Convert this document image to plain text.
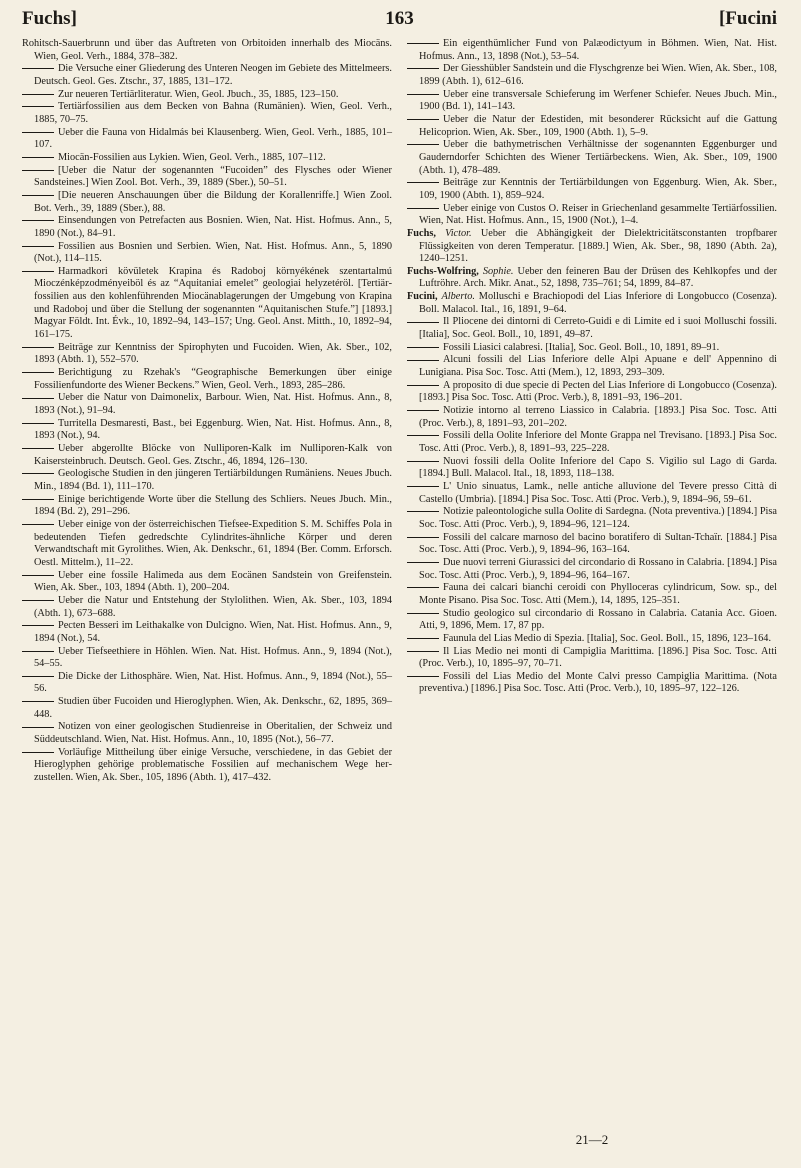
Fuchs]	163	[Fucini

Rohitsch-Sauerbrunn und über das Auftreten von Orbitoiden innerhalb des Miocäns. Wien, Geol. Verh., 1884, 378–382.

Die Versuche einer Gliederung des Unteren Neogen im Gebiete des Mittelmeers. Deutsch. Geol. Ges. Ztschr., 37, 1885, 131–172.

Zur neueren Tertiärliteratur. Wien, Geol. Jbuch., 35, 1885, 123–150.

Tertiärfossilien aus dem Becken von Bahna (Rumänien). Wien, Geol. Verh., 1885, 70–75.

Ueber die Fauna von Hidalmás bei Klausenberg. Wien, Geol. Verh., 1885, 101–107.

Miocän-Fossilien aus Lykien. Wien, Geol. Verh., 1885, 107–112.

[Ueber die Natur der sogenannten “Fucoiden” des Flysches oder Wiener Sandsteines.] Wien Zool. Bot. Verh., 39, 1889 (Sber.), 50–51.

[Die neueren Anschauungen über die Bildung der Korallenriffe.] Wien Zool. Bot. Verh., 39, 1889 (Sber.), 88.

Einsendungen von Petrefacten aus Bosnien. Wien, Nat. Hist. Hofmus. Ann., 5, 1890 (Not.), 84–91.

Fossilien aus Bosnien und Serbien. Wien, Nat. Hist. Hofmus. Ann., 5, 1890 (Not.), 114–115.

Harmadkori kövületek Krapina és Radoboj környékének szentartalmú Mioczénképzodményeiböl és az “Aquitaniai emelet” geologiai helyzetéröl. [Tertiärfossilien aus den kohlenführenden Miocänablagerungen der Umgebung von Krapina und Radoboj und über die Stellung der sogenannten “Aquitanischen Stufe.”] [1893.] Magyar Földt. Int. Évk., 10, 1892–94, 143–157; Ung. Geol. Anst. Mitth., 10, 1892–94, 161–175.

Beiträge zur Kenntniss der Spirophyten und Fucoiden. Wien, Ak. Sber., 102, 1893 (Abth. 1), 552–570.

Berichtigung zu Rzehak's “Geographische Bemerkungen über einige Fossilienfundorte des Wiener Beckens.” Wien, Geol. Verh., 1893, 285–286.

Ueber die Natur von Daimonelix, Barbour. Wien, Nat. Hist. Hofmus. Ann., 8, 1893 (Not.), 91–94.

Turritella Desmaresti, Bast., bei Eggenburg. Wien, Nat. Hist. Hofmus. Ann., 8, 1893 (Not.), 94.

Ueber abgerollte Blöcke von Nulliporen-Kalk im Nulliporen-Kalk von Kaisersteinbruch. Deutsch. Geol. Ges. Ztschr., 46, 1894, 126–130.

Geologische Studien in den jüngeren Tertiärbildungen Rumäniens. Neues Jbuch. Min., 1894 (Bd. 1), 111–170.

Einige berichtigende Worte über die Stellung des Schliers. Neues Jbuch. Min., 1894 (Bd. 2), 291–296.

Ueber einige von der österreichischen Tiefsee-Expedition S. M. Schiffes Pola in bedeutenden Tiefen gedredschte Cylindrites-ähnliche Körper und deren Verwandtschaft mit Gyrolithes. Wien, Ak. Denkschr., 61, 1894 (Ber. Comm. Erforsch. Oestl. Mittelm.), 11–22.

Ueber eine fossile Halimeda aus dem Eocänen Sandstein von Greifenstein. Wien, Ak. Sber., 103, 1894 (Abth. 1), 200–204.

Ueber die Natur und Entstehung der Stylolithen. Wien, Ak. Sber., 103, 1894 (Abth. 1), 673–688.

Pecten Besseri im Leithakalke von Dulcigno. Wien, Nat. Hist. Hofmus. Ann., 9, 1894 (Not.), 54.

Ueber Tiefseethiere in Höhlen. Wien. Nat. Hist. Hofmus. Ann., 9, 1894 (Not.), 54–55.

Die Dicke der Lithosphäre. Wien, Nat. Hist. Hofmus. Ann., 9, 1894 (Not.), 55–56.

Studien über Fucoiden und Hieroglyphen. Wien, Ak. Denkschr., 62, 1895, 369–448.

Notizen von einer geologischen Studienreise in Oberitalien, der Schweiz und Süddeutschland. Wien, Nat. Hist. Hofmus. Ann., 10, 1895 (Not.), 56–77.

Vorläufige Mittheilung über einige Versuche, verschiedene, in das Gebiet der Hieroglyphen gehörige problematische Fossilien auf mechanischem Wege herzustellen. Wien, Ak. Sber., 105, 1896 (Abth. 1), 417–432.

Ein eigenthümlicher Fund von Palæodictyum in Böhmen. Wien, Nat. Hist. Hofmus. Ann., 13, 1898 (Not.), 53–54.

Der Giesshübler Sandstein und die Flyschgrenze bei Wien. Wien, Ak. Sber., 108, 1899 (Abth. 1), 612–616.

Ueber eine transversale Schieferung im Werfener Schiefer. Neues Jbuch. Min., 1900 (Bd. 1), 141–143.

Ueber die Natur der Edestiden, mit besonderer Rücksicht auf die Gattung Helicoprion. Wien, Ak. Sber., 109, 1900 (Abth. 1), 5–9.

Ueber die bathymetrischen Verhältnisse der sogenannten Eggenburger und Gauderndorfer Schichten des Wiener Tertiärbeckens. Wien, Ak. Sber., 109, 1900 (Abth. 1), 478–489.

Beiträge zur Kenntnis der Tertiärbildungen von Eggenburg. Wien, Ak. Sber., 109, 1900 (Abth. 1), 859–924.

Ueber einige von Custos O. Reiser in Griechenland gesammelte Tertiärfossilien. Wien, Nat. Hist. Hofmus. Ann., 15, 1900 (Not.), 1–4.

Fuchs, Victor. Ueber die Abhängigkeit der Dielektricitätsconstanten tropfbarer Flüssigkeiten von deren Temperatur. [1889.] Wien, Ak. Sber., 98, 1890 (Abth. 2a), 1240–1251.

Fuchs-Wolfring, Sophie. Ueber den feineren Bau der Drüsen des Kehlkopfes und der Luftröhre. Arch. Mikr. Anat., 52, 1898, 735–761; 54, 1899, 84–87.

Fucini, Alberto. Molluschi e Brachiopodi del Lias Inferiore di Longobucco (Cosenza). Boll. Malacol. Ital., 16, 1891, 9–64.

Il Pliocene dei dintorni di Cerreto-Guidi e di Limite ed i suoi Molluschi fossili. [Italia], Soc. Geol. Boll., 10, 1891, 49–87.

Fossili Liasici calabresi. [Italia], Soc. Geol. Boll., 10, 1891, 89–91.

Alcuni fossili del Lias Inferiore delle Alpi Apuane e dell' Appennino di Lunigiana. Pisa Soc. Tosc. Atti (Mem.), 12, 1893, 293–309.

A proposito di due specie di Pecten del Lias Inferiore di Longobucco (Cosenza). [1893.] Pisa Soc. Tosc. Atti (Proc. Verb.), 8, 1891–93, 196–201.

Notizie intorno al terreno Liassico in Calabria. [1893.] Pisa Soc. Tosc. Atti (Proc. Verb.), 8, 1891–93, 201–202.

Fossili della Oolite Inferiore del Monte Grappa nel Trevisano. [1893.] Pisa Soc. Tosc. Atti (Proc. Verb.), 8, 1891–93, 225–228.

Nuovi fossili della Oolite Inferiore del Capo S. Vigilio sul Lago di Garda. [1894.] Bull. Malacol. Ital., 18, 1893, 118–138.

L' Unio sinuatus, Lamk., nelle antiche alluvione del Tevere presso Città di Castello (Umbria). [1894.] Pisa Soc. Tosc. Atti (Proc. Verb.), 9, 1894–96, 59–61.

Notizie paleontologiche sulla Oolite di Sardegna. (Nota preventiva.) [1894.] Pisa Soc. Tosc. Atti (Proc. Verb.), 9, 1894–96, 121–124.

Fossili del calcare marnoso del bacino boratifero di Sultan-Tchaïr. [1884.] Pisa Soc. Tosc. Atti (Proc. Verb.), 9, 1894–96, 163–164.

Due nuovi terreni Giurassici del circondario di Rossano in Calabria. [1894.] Pisa Soc. Tosc. Atti (Proc. Verb.), 9, 1894–96, 164–167.

Fauna dei calcari bianchi ceroidi con Phylloceras cylindricum, Sow. sp., del Monte Pisano. Pisa Soc. Tosc. Atti (Mem.), 14, 1895, 125–351.

Studio geologico sul circondario di Rossano in Calabria. Catania Acc. Gioen. Atti, 9, 1896, Mem. 17, 87 pp.

Faunula del Lias Medio di Spezia. [Italia], Soc. Geol. Boll., 15, 1896, 123–164.

Il Lias Medio nei monti di Campiglia Marittima. [1896.] Pisa Soc. Tosc. Atti (Proc. Verb.), 10, 1895–97, 70–71.

Fossili del Lias Medio del Monte Calvi presso Campiglia Marittima. (Nota preventiva.) [1896.] Pisa Soc. Tosc. Atti (Proc. Verb.), 10, 1895–97, 122–126.

21—2
